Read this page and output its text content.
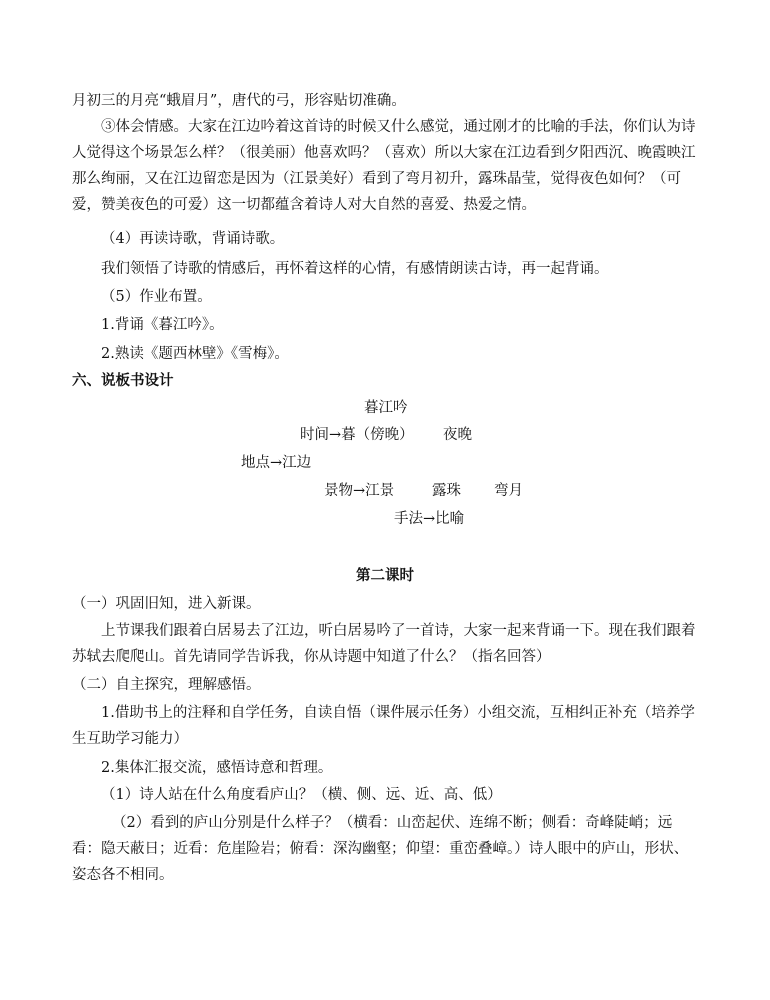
月初三的月亮“蛾眉月”，唐代的弓，形容贴切准确。

③体会情感。大家在江边吟着这首诗的时候又什么感觉，通过刚才的比喻的手法，你们认为诗人觉得这个场景怎么样？（很美丽）他喜欢吗？（喜欢）所以大家在江边看到夕阳西沉、晚霞映江那么绚丽，又在江边留恋是因为（江景美好）看到了弯月初升，露珠晶莹，觉得夜色如何？（可爱，赞美夜色的可爱）这一切都蕴含着诗人对大自然的喜爱、热爱之情。

（4）再读诗歌，背诵诗歌。

我们领悟了诗歌的情感后，再怀着这样的心情，有感情朗读古诗，再一起背诵。

（5）作业布置。

1.背诵《暮江吟》。

2.熟读《题西林壁》《雪梅》。

六、说板书设计

暮江吟
时间→暮（傍晚） 夜晚
地点→江边
景物→江景	露珠 弯月
手法→比喻

第二课时

（一）巩固旧知，进入新课。

上节课我们跟着白居易去了江边，听白居易吟了一首诗，大家一起来背诵一下。现在我们跟着苏轼去爬爬山。首先请同学告诉我，你从诗题中知道了什么？（指名回答）

（二）自主探究，理解感悟。

1.借助书上的注释和自学任务，自读自悟（课件展示任务）小组交流，互相纠正补充（培养学生互助学习能力）

2.集体汇报交流，感悟诗意和哲理。

（1）诗人站在什么角度看庐山？（横、侧、远、近、高、低）

（2）看到的庐山分别是什么样子？（横看：山峦起伏、连绵不断；侧看：奇峰陡峭；远看：隐天蔽日；近看：危崖险岩；俯看：深沟幽壑；仰望：重峦叠嶂。）诗人眼中的庐山，形状、姿态各不相同。
